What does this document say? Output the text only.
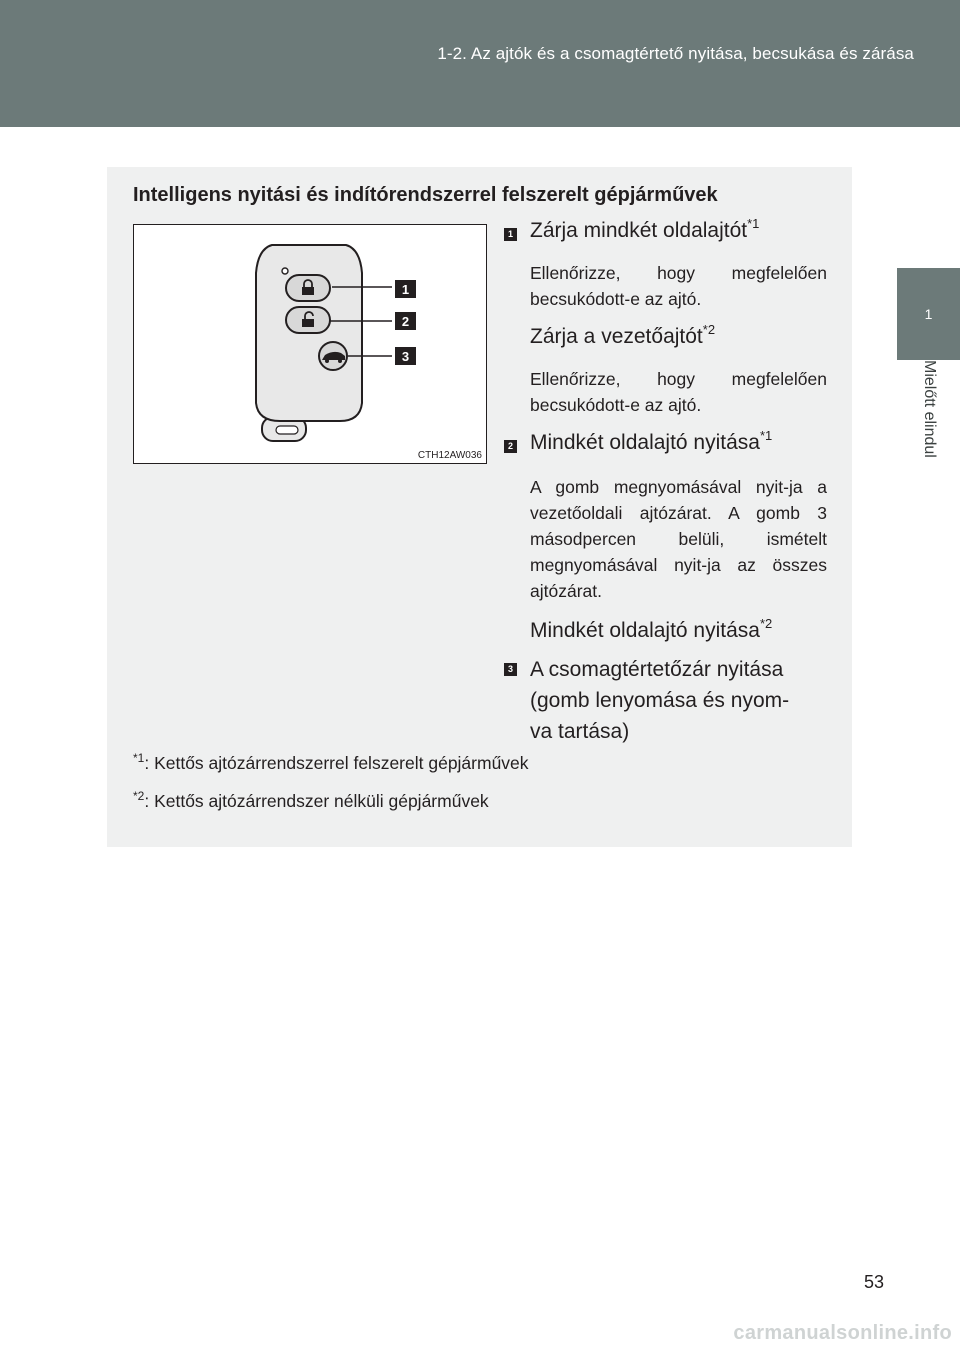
1-2. Az ajtók és a csomagtértető nyitása, becsukása és zárása
1
Mielőtt elindul
Intelligens nyitási és indítórendszerrel felszerelt gépjárművek
1
2
3
CTH12AW036
1 Zárja mindkét oldalajtót$^{*1}$
Ellenőrizze, hogy megfelelően becsukódott-e az ajtó.
Zárja a vezetőajtót$^{*2}$
Ellenőrizze, hogy megfelelően becsukódott-e az ajtó.
2 Mindkét oldalajtó nyitása$^{*1}$
A gomb megnyomásával nyit-ja a vezetőoldali ajtózárat. A gomb 3 másodpercen belüli, ismételt megnyomásával nyit-ja az összes ajtózárat.
Mindkét oldalajtó nyitása$^{*2}$
3 A csomagtértetőzár nyitása
(gomb lenyomása és nyom-
va tartása)
$^{*1}$: Kettős ajtózárrendszerrel felszerelt gépjárművek
$^{*2}$: Kettős ajtózárrendszer nélküli gépjárművek
53
carmanualsonline.info
